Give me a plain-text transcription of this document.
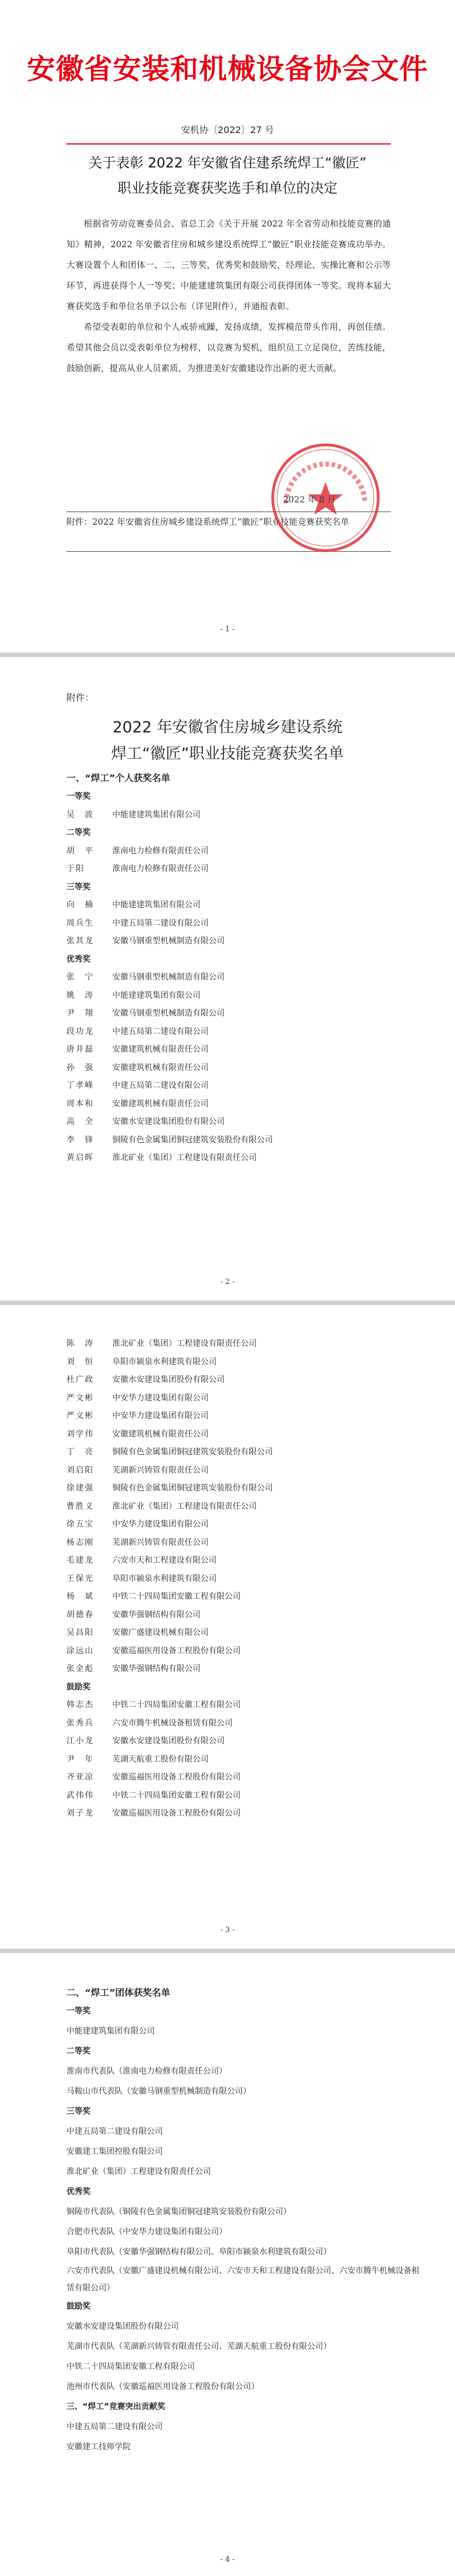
安徽省安装和机械设备协会文件
安机协〔2022〕27 号
关于表彰 2022 年安徽省住建系统焊工“徽匠”
职业技能竞赛获奖选手和单位的决定

根据省劳动竞赛委员会、省总工会《关于开展 2022 年全省劳动和技能竞赛的通知》精神，2022 年安徽省住房和城乡建设系统焊工“徽匠”职业技能竞赛成功举办。大赛设置个人和团体一、二、三等奖，优秀奖和鼓励奖，经理论、实操比赛和公示等环节，再进获得个人一等奖；中能建建筑集团有限公司获得团体一等奖。现将本届大赛获奖选手和单位名单予以公布（详见附件），并通报表彰。

希望受表彰的单位和个人戒骄戒躁，发扬成绩，发挥模范带头作用，再创佳绩。希望其他会员以受表彰单位为榜样，以竞赛为契机，组织员工立足岗位，苦练技能，鼓励创新，提高从业人员素质，为推进美好安徽建设作出新的更大贡献。

附件：2022 年安徽省住房城乡建设系统焊工“徽匠”职业技能竞赛获奖名单
2022 年 8 月
- 1 -
附件：
2022 年安徽省住房城乡建设系统
焊工“徽匠”职业技能竞赛获奖名单
一、“焊工”个人获奖名单
一等奖
吴　波 中能建建筑集团有限公司
二等奖
胡　平 淮南电力检修有限责任公司
于阳	淮南电力检修有限责任公司
三等奖
向　楠 中能建建筑集团有限公司
周兵生 中建五局第二建设有限公司
张其龙 安徽马钢重型机械制造有限公司
优秀奖
张　宁 安徽马钢重型机械制造有限公司
姚　涛 中能建建筑集团有限公司
尹　翔 安徽马钢重型机械制造有限公司
段功龙 中建五局第二建设有限公司
唐井磊 安徽建筑机械有限责任公司
孙　强 安徽建筑机械有限责任公司
丁孝峰 中建五局第二建设有限公司
周本和 安徽建筑机械有限责任公司
高　全 安徽水安建设集团股份有限公司
李　锋 铜陵有色金属集团铜冠建筑安装股份有限公司
黄启晖 淮北矿业（集团）工程建设有限责任公司
- 2 -
陈　涛 淮北矿业（集团）工程建设有限责任公司
刘　恒 阜阳市颍泉水利建筑有限公司
杜广政 安徽水安建设集团股份有限公司
严文彬 中安华力建设集团有限公司
严文彬 中安华力建设集团有限公司
刘学伟 安徽建筑机械有限责任公司
丁　亮 铜陵有色金属集团铜冠建筑安装股份有限公司
刘启阳 芜湖新兴铸管有限责任公司
徐建强 铜陵有色金属集团铜冠建筑安装股份有限公司
曹胜义 淮北矿业（集团）工程建设有限责任公司
徐五宝 中安华力建设集团有限公司
杨志刚 芜湖新兴铸管有限责任公司
毛建龙 六安市天和工程建设有限公司
王保光 阜阳市颍泉水利建筑有限公司
杨　斌 中铁二十四局集团安徽工程有限公司
胡德春 安徽华强钢结构有限公司
吴昌阳 安徽广盛建设机械有限公司
涂远山 安徽巡福医用设备工程股份有限公司
张金彪 安徽华强钢结构有限公司
鼓励奖
韩志杰 中铁二十四局集团安徽工程有限公司
张秀兵 六安市腾牛机械设备租赁有限公司
江小龙 安徽水安建设集团股份有限公司
尹　年 芜湖天航重工股份有限公司
齐亚凉 安徽巡福医用设备工程股份有限公司
武伟伟 中铁二十四局集团安徽工程有限公司
刘子龙 安徽巡福医用设备工程股份有限公司
- 3 -
二、“焊工”团体获奖名单
一等奖
中能建建筑集团有限公司
二等奖
淮南市代表队（淮南电力检修有限责任公司）
马鞍山市代表队（安徽马钢重型机械制造有限公司）
三等奖
中建五局第二建设有限公司
安徽建工集团控股有限公司
淮北矿业（集团）工程建设有限责任公司
优秀奖
铜陵市代表队（铜陵有色金属集团铜冠建筑安装股份有限公司）
合肥市代表队（中安华力建设集团有限公司）
阜阳市代表队（安徽华强钢结构有限公司、阜阳市颍泉水利建筑有限公司）
六安市代表队（安徽广盛建设机械有限公司、六安市天和工程建设有限公司、六安市腾牛机械设备租赁有限公司）
鼓励奖
安徽水安建设集团股份有限公司
芜湖市代表队（芜湖新兴铸管有限责任公司、芜湖天航重工股份有限公司）
中铁二十四局集团安徽工程有限公司
池州市代表队（安徽巡福医用设备工程股份有限公司）
三、“焊工”竞赛突出贡献奖
中建五局第二建设有限公司
安徽建工技师学院
- 4 -
